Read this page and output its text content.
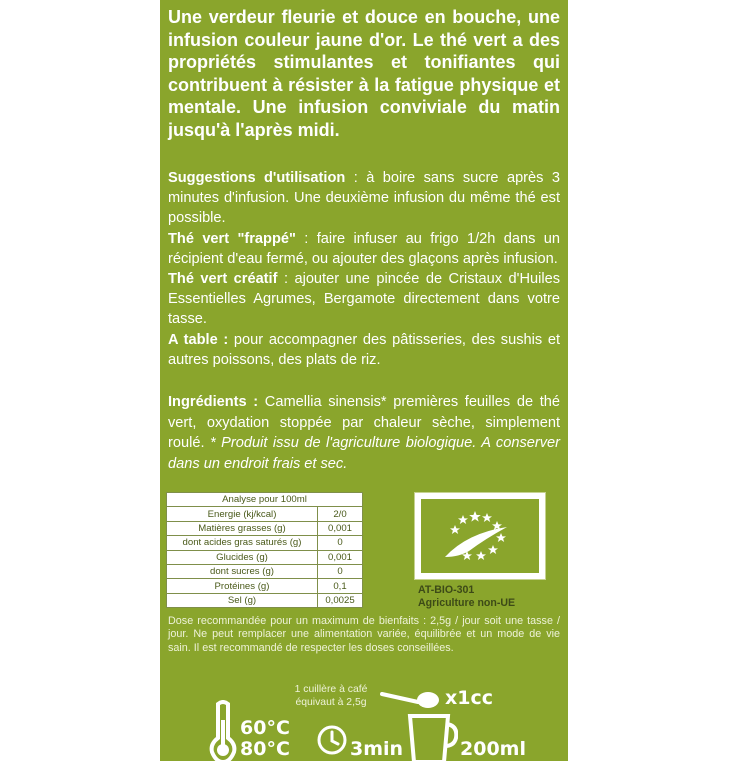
Une verdeur fleurie et douce en bouche, une infusion couleur jaune d'or. Le thé vert a des propriétés stimulantes et tonifiantes qui contribuent à résister à la fatigue physique et mentale. Une infusion conviviale du matin jusqu'à l'après midi.

Suggestions d'utilisation : à boire sans sucre après 3 minutes d'infusion. Une deuxième infusion du même thé est possible.

Thé vert "frappé" : faire infuser au frigo 1/2h dans un récipient d'eau fermé, ou ajouter des glaçons après infusion.

Thé vert créatif : ajouter une pincée de Cristaux d'Huiles Essentielles Agrumes, Bergamote directement dans votre tasse.

A table : pour accompagner des pâtisseries, des sushis et autres poissons, des plats de riz.

Ingrédients : Camellia sinensis* premières feuilles de thé vert, oxydation stoppée par chaleur sèche, simplement roulé. * Produit issu de l'agriculture biologique. A conserver dans un endroit frais et sec.

Analyse pour 100ml	
Energie (kj/kcal)	2/0
Matières grasses (g)	0,001
dont acides gras saturés (g)	0
Glucides (g)	0,001
dont sucres (g)	0
Protéines (g)	0,1
Sel (g)	0,0025
AT-BIO-301
Agriculture non-UE

Dose recommandée pour un maximum de bienfaits : 2,5g / jour soit une tasse / jour. Ne peut remplacer une alimentation variée, équilibrée et un mode de vie sain. Il est recommandé de respecter les doses conseillées.

1 cuillère à café
équivaut à 2,5g
60°C
80°C	3min
x1cc
200ml
